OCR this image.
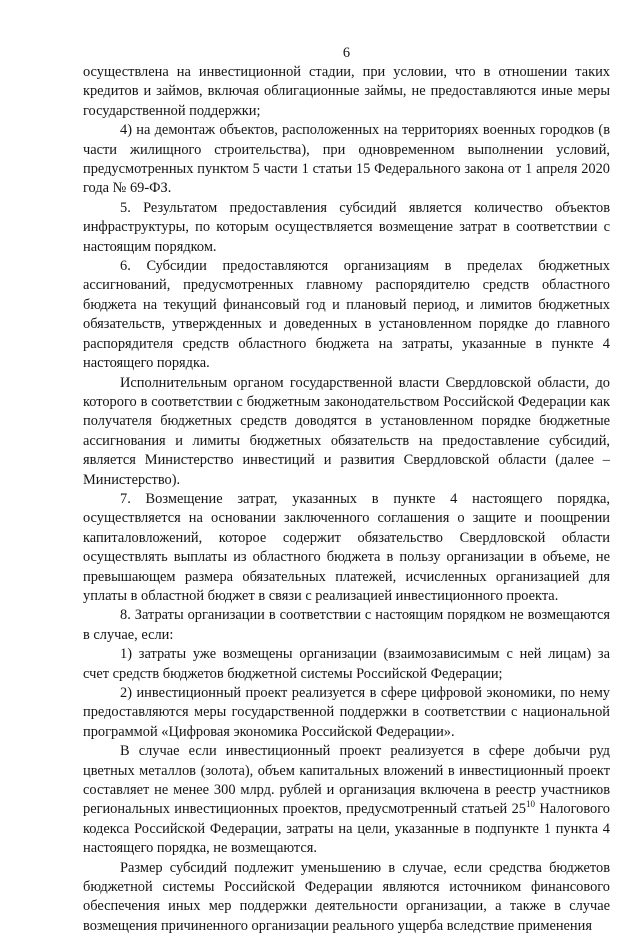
6

осуществлена на инвестиционной стадии, при условии, что в отношении таких кредитов и займов, включая облигационные займы, не предоставляются иные меры государственной поддержки;

4) на демонтаж объектов, расположенных на территориях военных городков (в части жилищного строительства), при одновременном выполнении условий, предусмотренных пунктом 5 части 1 статьи 15 Федерального закона от 1 апреля 2020 года № 69-ФЗ.

5. Результатом предоставления субсидий является количество объектов инфраструктуры, по которым осуществляется возмещение затрат в соответствии с настоящим порядком.

6. Субсидии предоставляются организациям в пределах бюджетных ассигнований, предусмотренных главному распорядителю средств областного бюджета на текущий финансовый год и плановый период, и лимитов бюджетных обязательств, утвержденных и доведенных в установленном порядке до главного распорядителя средств областного бюджета на затраты, указанные в пункте 4 настоящего порядка.

Исполнительным органом государственной власти Свердловской области, до которого в соответствии с бюджетным законодательством Российской Федерации как получателя бюджетных средств доводятся в установленном порядке бюджетные ассигнования и лимиты бюджетных обязательств на предоставление субсидий, является Министерство инвестиций и развития Свердловской области (далее – Министерство).

7. Возмещение затрат, указанных в пункте 4 настоящего порядка, осуществляется на основании заключенного соглашения о защите и поощрении капиталовложений, которое содержит обязательство Свердловской области осуществлять выплаты из областного бюджета в пользу организации в объеме, не превышающем размера обязательных платежей, исчисленных организацией для уплаты в областной бюджет в связи с реализацией инвестиционного проекта.

8. Затраты организации в соответствии с настоящим порядком не возмещаются в случае, если:

1) затраты уже возмещены организации (взаимозависимым с ней лицам) за счет средств бюджетов бюджетной системы Российской Федерации;

2) инвестиционный проект реализуется в сфере цифровой экономики, по нему предоставляются меры государственной поддержки в соответствии с национальной программой «Цифровая экономика Российской Федерации».

В случае если инвестиционный проект реализуется в сфере добычи руд цветных металлов (золота), объем капитальных вложений в инвестиционный проект составляет не менее 300 млрд. рублей и организация включена в реестр участников региональных инвестиционных проектов, предусмотренный статьей $25^{10}$ Налогового кодекса Российской Федерации, затраты на цели, указанные в подпункте 1 пункта 4 настоящего порядка, не возмещаются.

Размер субсидий подлежит уменьшению в случае, если средства бюджетов бюджетной системы Российской Федерации являются источником финансового обеспечения иных мер поддержки деятельности организации, а также в случае возмещения причиненного организации реального ущерба вследствие применения
